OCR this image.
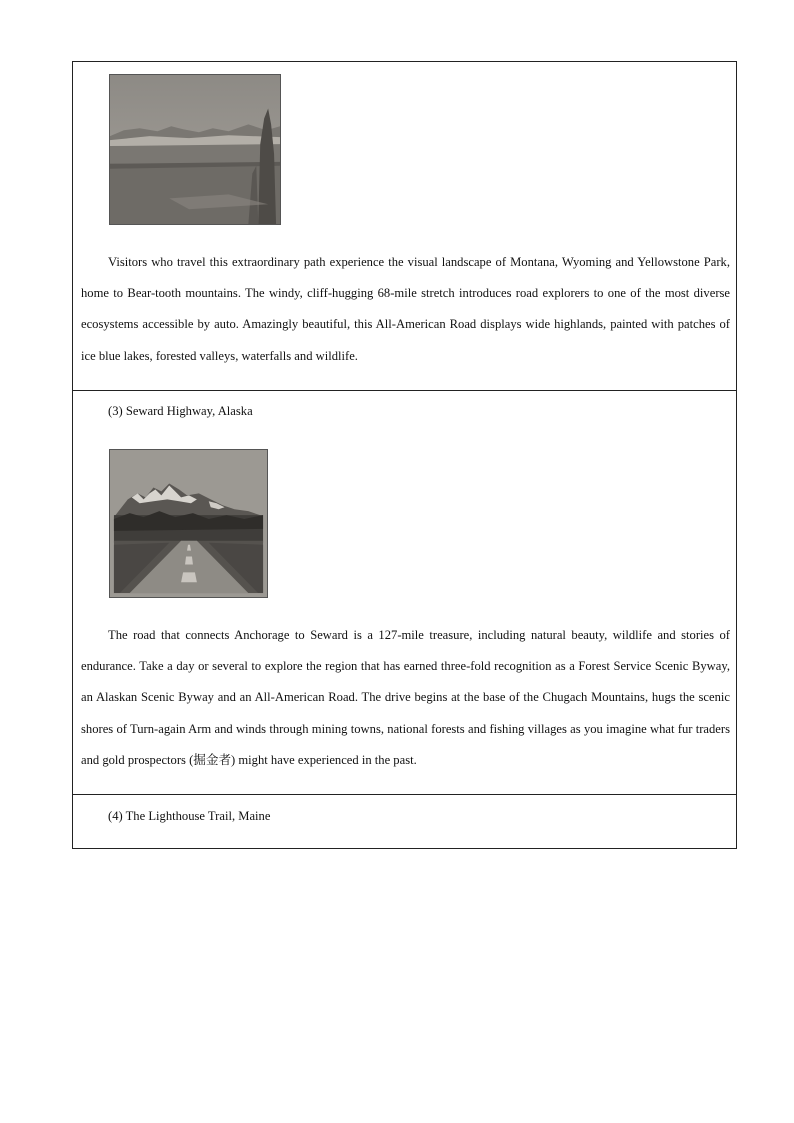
Visitors who travel this extraordinary path experience the visual landscape of Montana, Wyoming and Yellowstone Park, home to Bear-tooth mountains. The windy, cliff-hugging 68-mile stretch introduces road explorers to one of the most diverse ecosystems accessible by auto. Amazingly beautiful, this All-American Road displays wide highlands, painted with patches of ice blue lakes, forested valleys, waterfalls and wildlife.

(3) Seward Highway, Alaska

The road that connects Anchorage to Seward is a 127-mile treasure, including natural beauty, wildlife and stories of endurance. Take a day or several to explore the region that has earned three-fold recognition as a Forest Service Scenic Byway, an Alaskan Scenic Byway and an All-American Road. The drive begins at the base of the Chugach Mountains, hugs the scenic shores of Turn-again Arm and winds through mining towns, national forests and fishing villages as you imagine what fur traders and gold prospectors (掘金者) might have experienced in the past.

(4) The Lighthouse Trail, Maine
